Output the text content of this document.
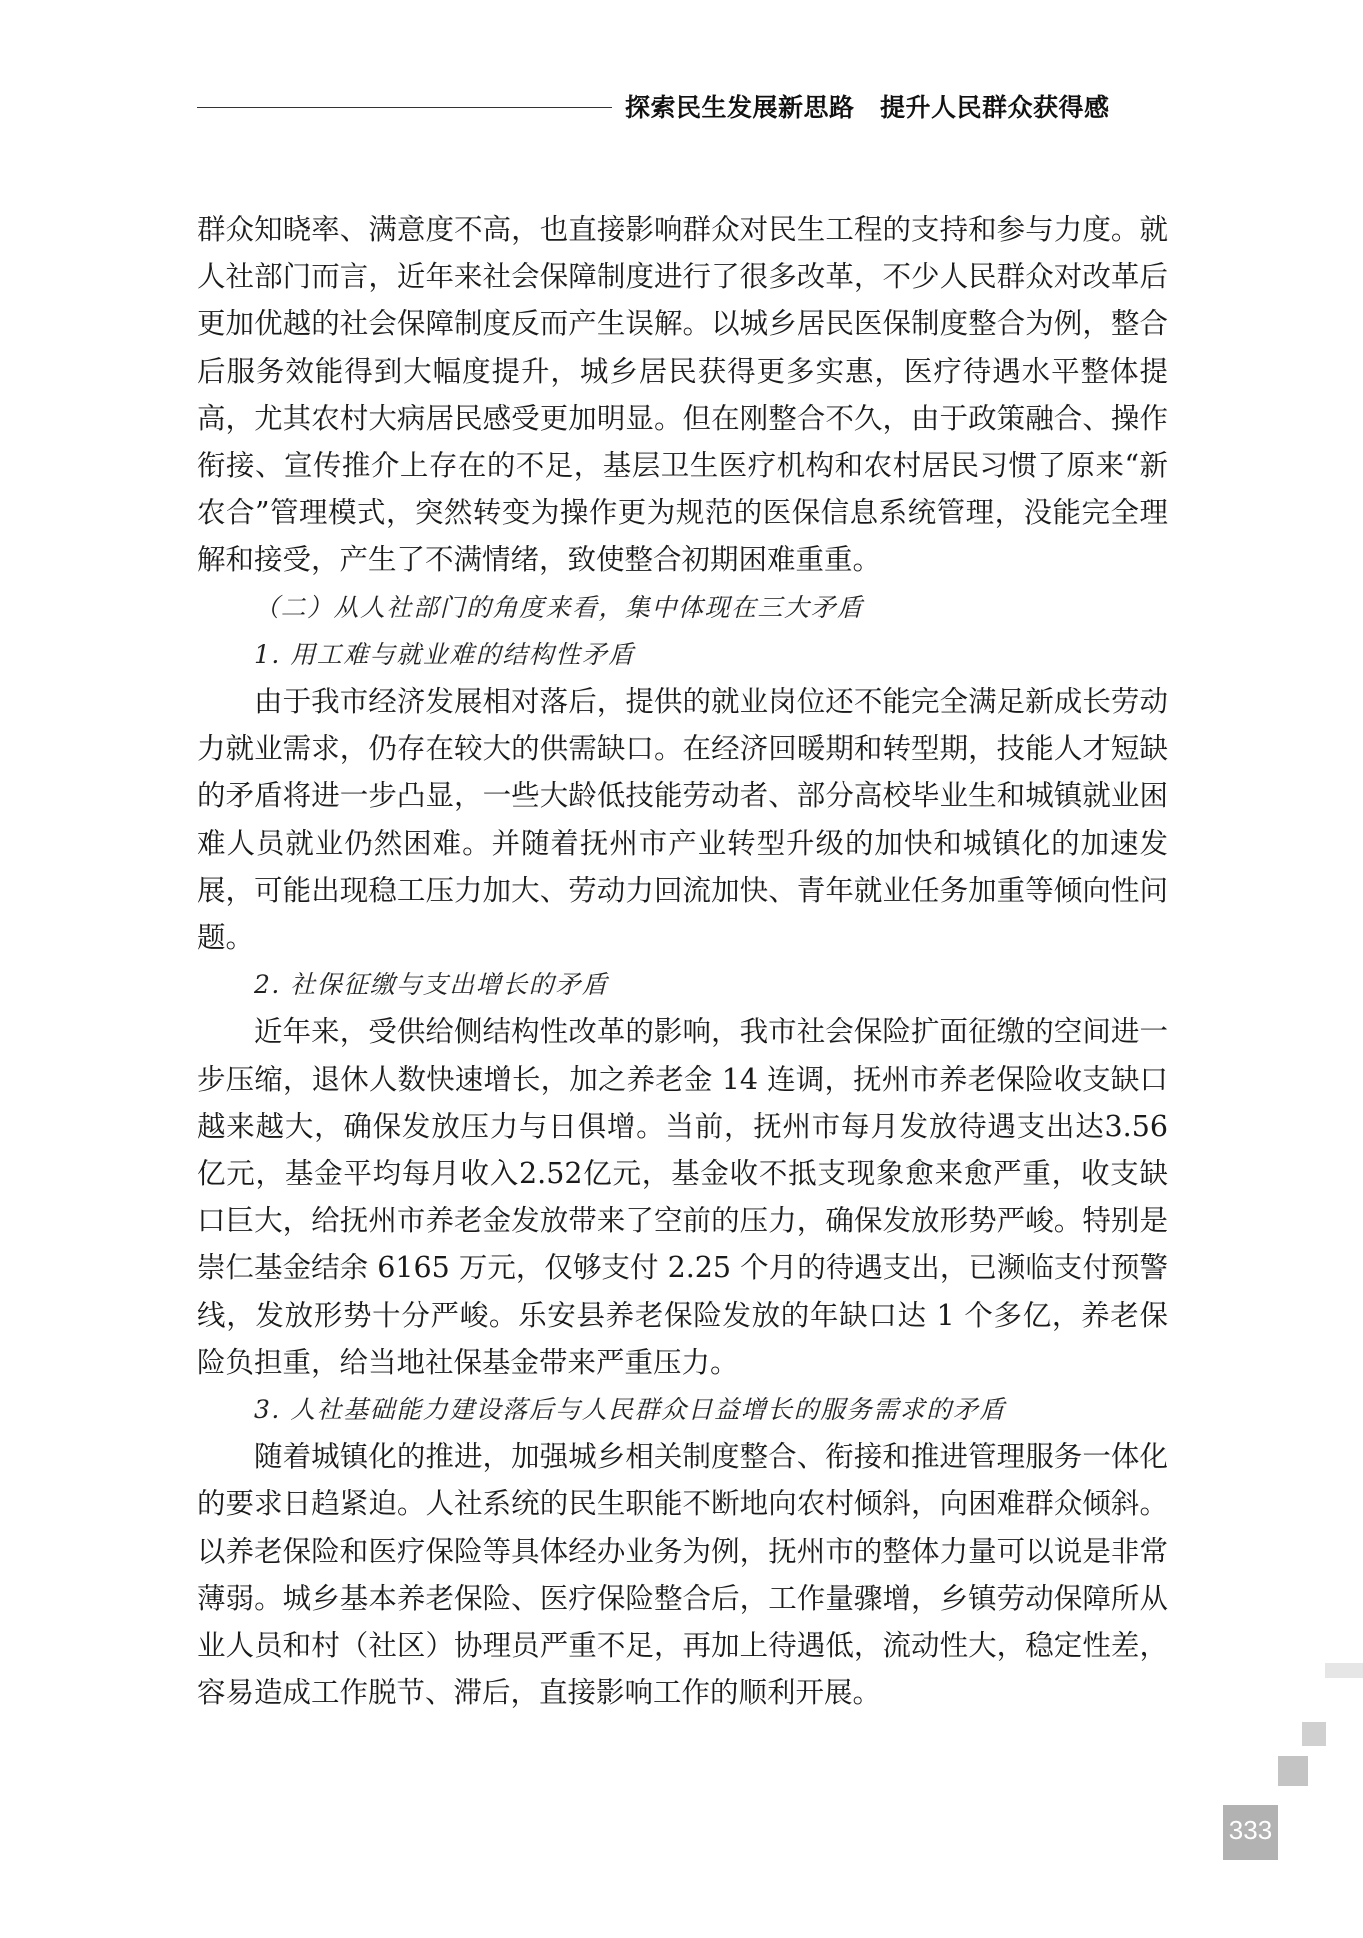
探索民生发展新思路　提升人民群众获得感

群众知晓率、满意度不高，也直接影响群众对民生工程的支持和参与力度。就人社部门而言，近年来社会保障制度进行了很多改革，不少人民群众对改革后更加优越的社会保障制度反而产生误解。以城乡居民医保制度整合为例，整合后服务效能得到大幅度提升，城乡居民获得更多实惠，医疗待遇水平整体提高，尤其农村大病居民感受更加明显。但在刚整合不久，由于政策融合、操作衔接、宣传推介上存在的不足，基层卫生医疗机构和农村居民习惯了原来“新农合”管理模式，突然转变为操作更为规范的医保信息系统管理，没能完全理解和接受，产生了不满情绪，致使整合初期困难重重。

（二）从人社部门的角度来看，集中体现在三大矛盾

1. 用工难与就业难的结构性矛盾

由于我市经济发展相对落后，提供的就业岗位还不能完全满足新成长劳动力就业需求，仍存在较大的供需缺口。在经济回暖期和转型期，技能人才短缺的矛盾将进一步凸显，一些大龄低技能劳动者、部分高校毕业生和城镇就业困难人员就业仍然困难。并随着抚州市产业转型升级的加快和城镇化的加速发展，可能出现稳工压力加大、劳动力回流加快、青年就业任务加重等倾向性问题。

2. 社保征缴与支出增长的矛盾

近年来，受供给侧结构性改革的影响，我市社会保险扩面征缴的空间进一步压缩，退休人数快速增长，加之养老金 14 连调，抚州市养老保险收支缺口越来越大，确保发放压力与日俱增。当前，抚州市每月发放待遇支出达3.56亿元，基金平均每月收入2.52亿元，基金收不抵支现象愈来愈严重，收支缺口巨大，给抚州市养老金发放带来了空前的压力，确保发放形势严峻。特别是崇仁基金结余 6165 万元，仅够支付 2.25 个月的待遇支出，已濒临支付预警线，发放形势十分严峻。乐安县养老保险发放的年缺口达 1 个多亿，养老保险负担重，给当地社保基金带来严重压力。

3. 人社基础能力建设落后与人民群众日益增长的服务需求的矛盾

随着城镇化的推进，加强城乡相关制度整合、衔接和推进管理服务一体化的要求日趋紧迫。人社系统的民生职能不断地向农村倾斜，向困难群众倾斜。以养老保险和医疗保险等具体经办业务为例，抚州市的整体力量可以说是非常薄弱。城乡基本养老保险、医疗保险整合后，工作量骤增，乡镇劳动保障所从业人员和村（社区）协理员严重不足，再加上待遇低，流动性大，稳定性差，容易造成工作脱节、滞后，直接影响工作的顺利开展。

333
